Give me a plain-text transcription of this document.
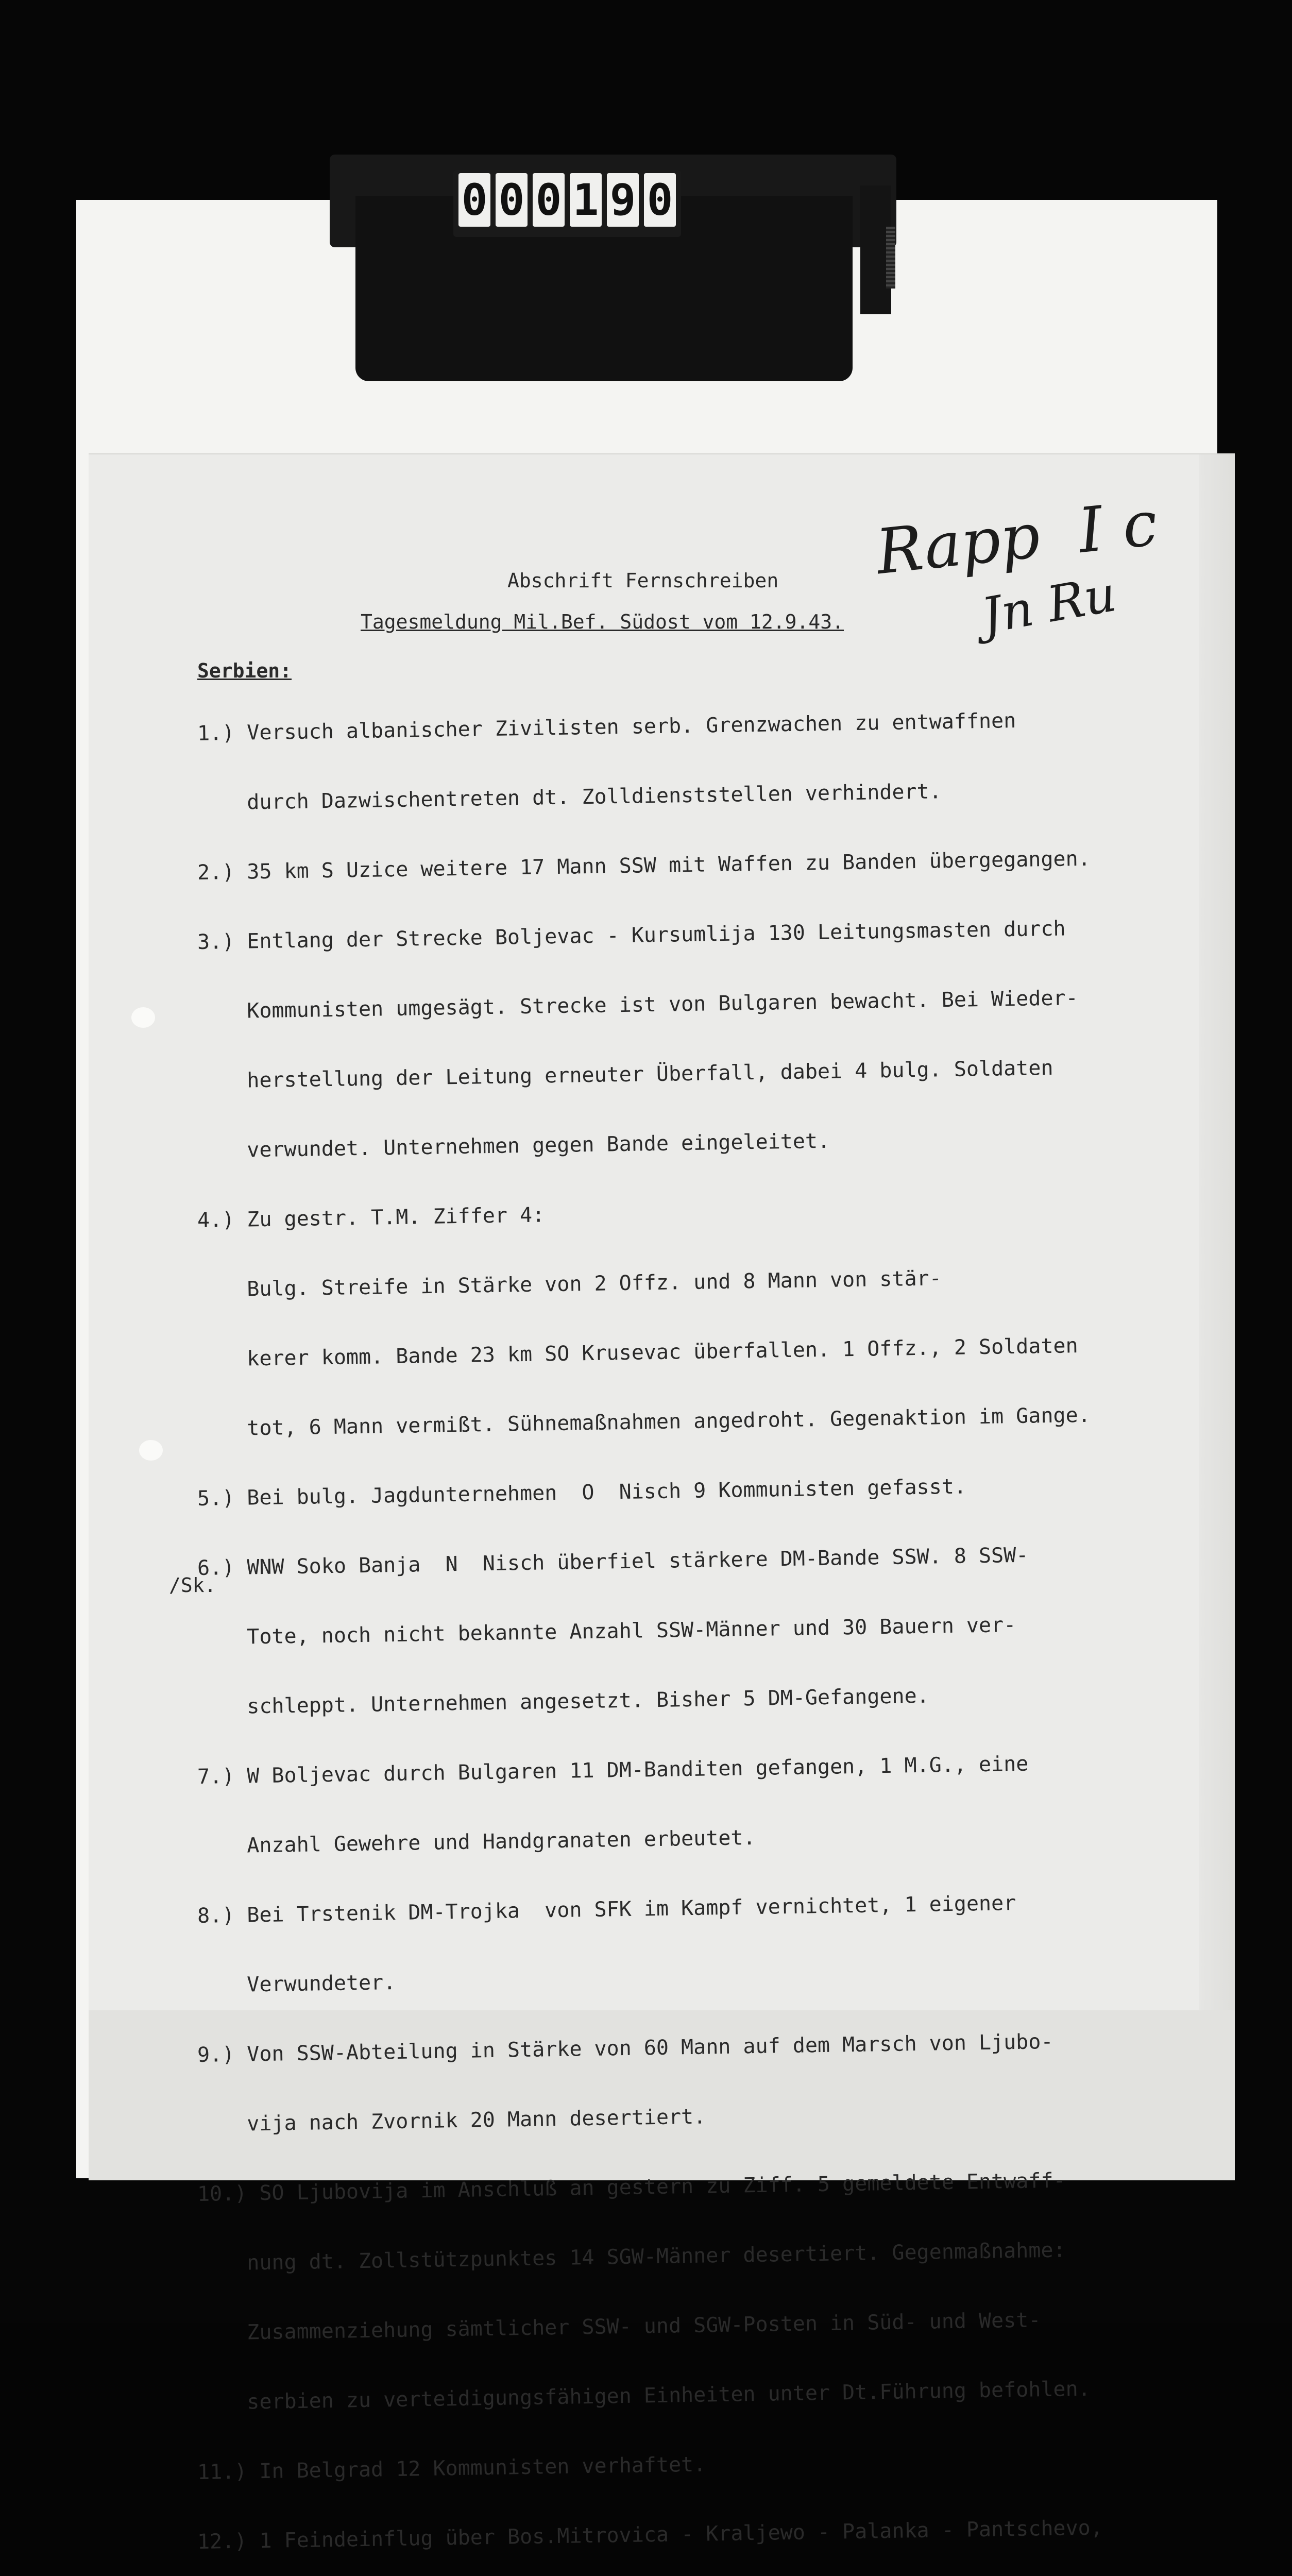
0 0 0 1 9 0
Abschrift Fernschreiben
Tagesmeldung Mil.Bef. Südost vom 12.9.43.
Serbien:

1.) Versuch albanischer Zivilisten serb. Grenzwachen zu entwaffnen

durch Dazwischentreten dt. Zolldienststellen verhindert.

2.) 35 km S Uzice weitere 17 Mann SSW mit Waffen zu Banden übergegangen.

3.) Entlang der Strecke Boljevac - Kursumlija 130 Leitungsmasten durch

Kommunisten umgesägt. Strecke ist von Bulgaren bewacht. Bei Wieder-

herstellung der Leitung erneuter Überfall, dabei 4 bulg. Soldaten

verwundet. Unternehmen gegen Bande eingeleitet.

4.) Zu gestr. T.M. Ziffer 4:

Bulg. Streife in Stärke von 2 Offz. und 8 Mann von stär-

kerer komm. Bande 23 km SO Krusevac überfallen. 1 Offz., 2 Soldaten

tot, 6 Mann vermißt. Sühnemaßnahmen angedroht. Gegenaktion im Gange.

5.) Bei bulg. Jagdunternehmen  O  Nisch 9 Kommunisten gefasst.

6.) WNW Soko Banja  N  Nisch überfiel stärkere DM-Bande SSW. 8 SSW-

Tote, noch nicht bekannte Anzahl SSW-Männer und 30 Bauern ver-

schleppt. Unternehmen angesetzt. Bisher 5 DM-Gefangene.

7.) W Boljevac durch Bulgaren 11 DM-Banditen gefangen, 1 M.G., eine

Anzahl Gewehre und Handgranaten erbeutet.

8.) Bei Trstenik DM-Trojka  von SFK im Kampf vernichtet, 1 eigener

Verwundeter.

9.) Von SSW-Abteilung in Stärke von 60 Mann auf dem Marsch von Ljubo-

vija nach Zvornik 20 Mann desertiert.

10.) SO Ljubovija im Anschluß an gestern zu Ziff. 5 gemeldete Entwaff-

nung dt. Zollstützpunktes 14 SGW-Männer desertiert. Gegenmaßnahme:

Zusammenziehung sämtlicher SSW- und SGW-Posten in Süd- und West-

serbien zu verteidigungsfähigen Einheiten unter Dt.Führung befohlen.

11.) In Belgrad 12 Kommunisten verhaftet.

12.) 1 Feindeinflug über Bos.Mitrovica - Kraljewo - Palanka - Pantschevo,

/Sk.
Rapp  I c
Jn Ru
